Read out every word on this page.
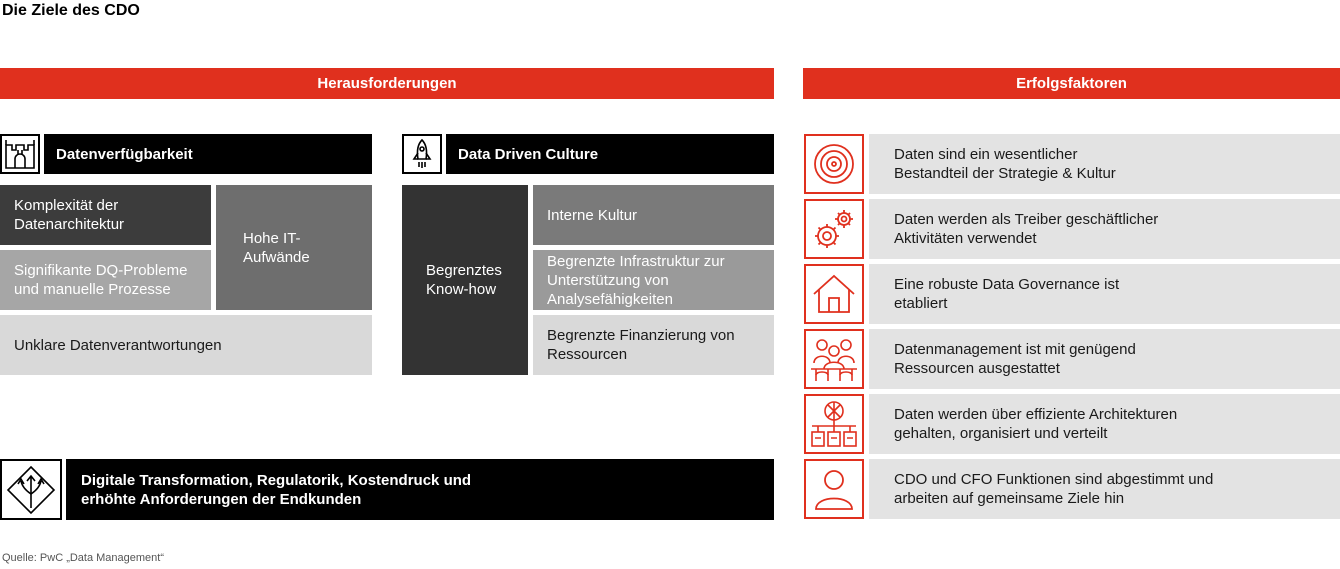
Die Ziele des CDO
Herausforderungen	Erfolgsfaktoren
Datenverfügbarkeit
Komplexität der Datenarchitektur
Signifikante DQ-Probleme und manuelle Prozesse
Hohe IT-Aufwände
Unklare Datenverantwortungen
Data Driven Culture
Begrenztes Know-how
Interne Kultur
Begrenzte Infrastruktur zur Unterstützung von Analysefähigkeiten
Begrenzte Finanzierung von Ressourcen
Digitale Transformation, Regulatorik, Kostendruck und erhöhte Anforderungen der Endkunden
Daten sind ein wesentlicher Bestandteil der Strategie & Kultur
Daten werden als Treiber geschäftlicher Aktivitäten verwendet
Eine robuste Data Governance ist etabliert
Datenmanagement ist mit genügend Ressourcen ausgestattet
Daten werden über effiziente Architekturen gehalten, organisiert und verteilt
CDO und CFO Funktionen sind abgestimmt und arbeiten auf gemeinsame Ziele hin
Quelle: PwC „Data Management“
